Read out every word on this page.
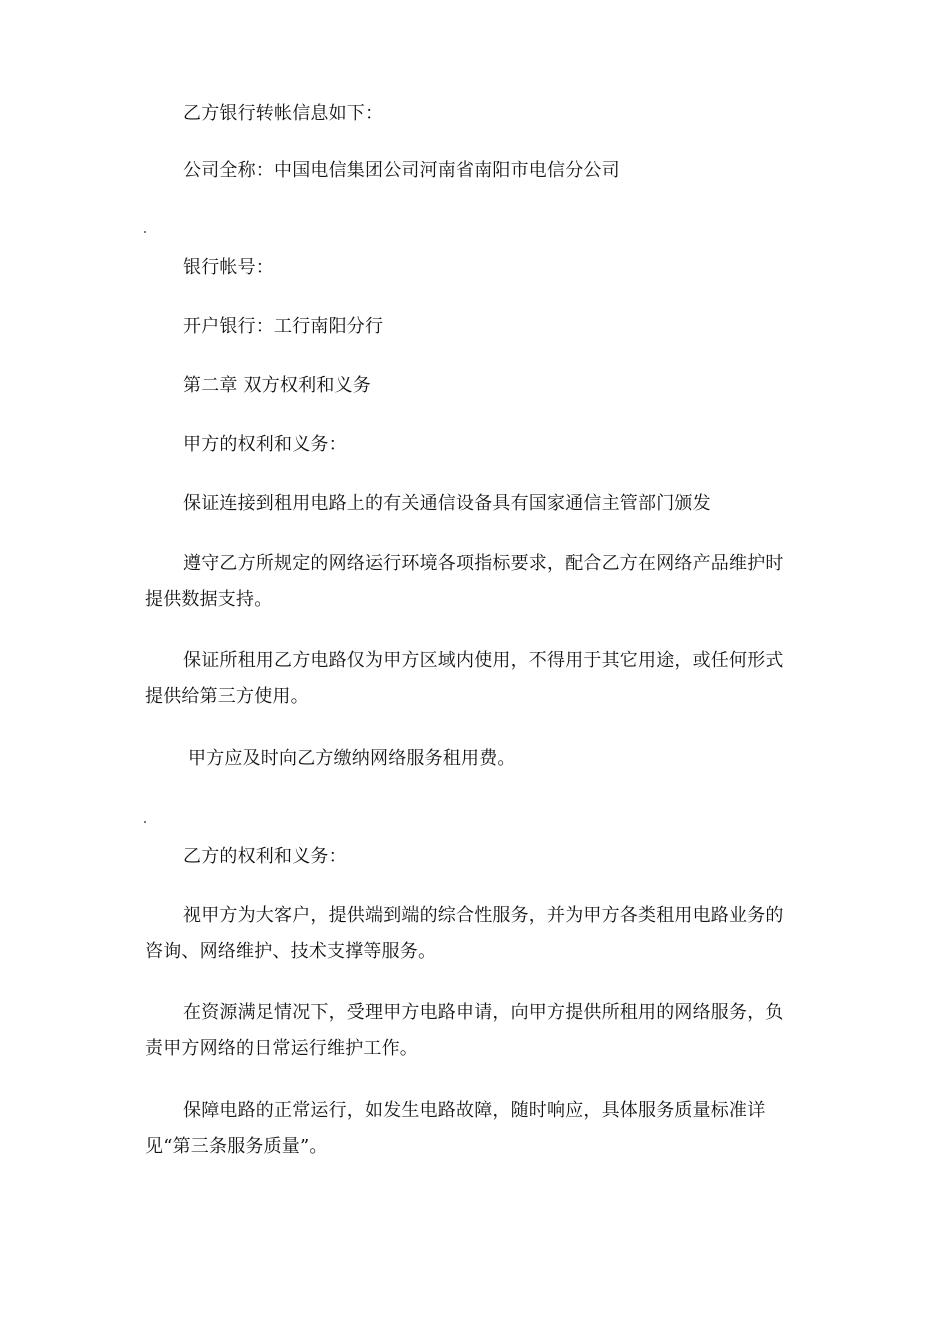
乙方银行转帐信息如下：

公司全称：中国电信集团公司河南省南阳市电信分公司

银行帐号：

开户银行：工行南阳分行

第二章 双方权利和义务

甲方的权利和义务：

保证连接到租用电路上的有关通信设备具有国家通信主管部门颁发

遵守乙方所规定的网络运行环境各项指标要求，配合乙方在网络产品维护时提供数据支持。

保证所租用乙方电路仅为甲方区域内使用，不得用于其它用途，或任何形式提供给第三方使用。

甲方应及时向乙方缴纳网络服务租用费。

乙方的权利和义务：

视甲方为大客户，提供端到端的综合性服务，并为甲方各类租用电路业务的咨询、网络维护、技术支撑等服务。

在资源满足情况下，受理甲方电路申请，向甲方提供所租用的网络服务，负责甲方网络的日常运行维护工作。

保障电路的正常运行，如发生电路故障，随时响应，具体服务质量标准详见“第三条服务质量”。
